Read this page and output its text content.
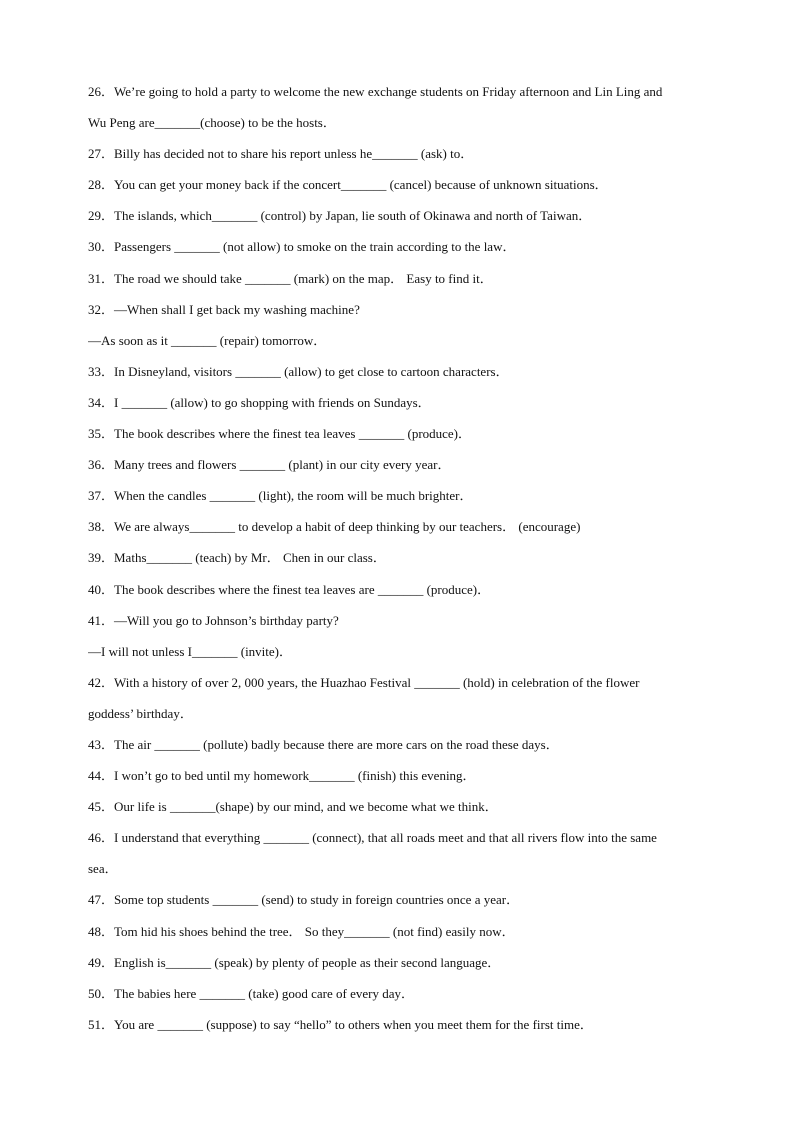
26．We’re going to hold a party to welcome the new exchange students on Friday afternoon and Lin Ling and
Wu Peng are_______(choose) to be the hosts．
27．Billy has decided not to share his report unless he_______ (ask) to．
28．You can get your money back if the concert_______ (cancel) because of unknown situations．
29．The islands, which_______ (control) by Japan, lie south of Okinawa and north of Taiwan．
30．Passengers _______ (not allow) to smoke on the train according to the law．
31．The road we should take _______ (mark) on the map． Easy to find it．
32．—When shall I get back my washing machine?
—As soon as it _______ (repair) tomorrow．
33．In Disneyland, visitors _______ (allow) to get close to cartoon characters．
34．I _______ (allow) to go shopping with friends on Sundays．
35．The book describes where the finest tea leaves _______ (produce)．
36．Many trees and flowers _______ (plant) in our city every year．
37．When the candles _______ (light), the room will be much brighter．
38．We are always_______ to develop a habit of deep thinking by our teachers． (encourage)
39．Maths_______ (teach) by Mr． Chen in our class．
40．The book describes where the finest tea leaves are _______ (produce)．
41．—Will you go to Johnson’s birthday party?
—I will not unless I_______ (invite)．
42．With a history of over 2, 000 years, the Huazhao Festival _______ (hold) in celebration of the flower
goddess’ birthday．
43．The air _______ (pollute) badly because there are more cars on the road these days．
44．I won’t go to bed until my homework_______ (finish) this evening．
45．Our life is _______(shape) by our mind, and we become what we think．
46．I understand that everything _______ (connect), that all roads meet and that all rivers flow into the same
sea．
47．Some top students _______ (send) to study in foreign countries once a year．
48．Tom hid his shoes behind the tree． So they_______ (not find) easily now．
49．English is_______ (speak) by plenty of people as their second language．
50．The babies here _______ (take) good care of every day．
51．You are _______ (suppose) to say “hello” to others when you meet them for the first time．
